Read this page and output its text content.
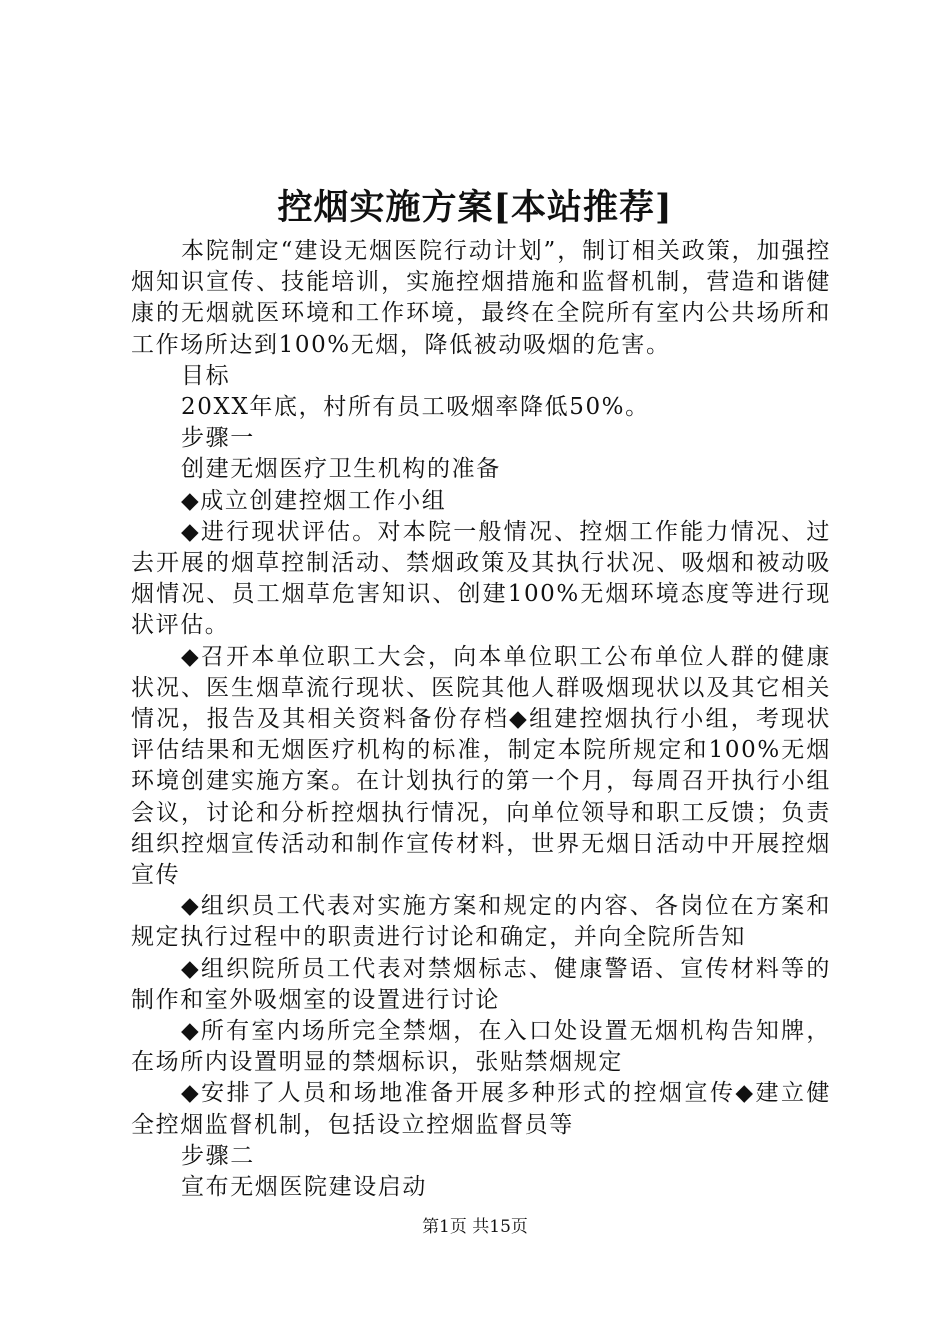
控烟实施方案[本站推荐]

本院制定“建设无烟医院行动计划”，制订相关政策，加强控烟知识宣传、技能培训，实施控烟措施和监督机制，营造和谐健康的无烟就医环境和工作环境，最终在全院所有室内公共场所和工作场所达到100%无烟，降低被动吸烟的危害。

目标

20XX年底，村所有员工吸烟率降低50%。

步骤一

创建无烟医疗卫生机构的准备

◆成立创建控烟工作小组

◆进行现状评估。对本院一般情况、控烟工作能力情况、过去开展的烟草控制活动、禁烟政策及其执行状况、吸烟和被动吸烟情况、员工烟草危害知识、创建100%无烟环境态度等进行现状评估。

◆召开本单位职工大会，向本单位职工公布单位人群的健康状况、医生烟草流行现状、医院其他人群吸烟现状以及其它相关情况，报告及其相关资料备份存档◆组建控烟执行小组，考现状评估结果和无烟医疗机构的标准，制定本院所规定和100%无烟环境创建实施方案。在计划执行的第一个月，每周召开执行小组会议，讨论和分析控烟执行情况，向单位领导和职工反馈；负责组织控烟宣传活动和制作宣传材料，世界无烟日活动中开展控烟宣传

◆组织员工代表对实施方案和规定的内容、各岗位在方案和规定执行过程中的职责进行讨论和确定，并向全院所告知

◆组织院所员工代表对禁烟标志、健康警语、宣传材料等的制作和室外吸烟室的设置进行讨论

◆所有室内场所完全禁烟，在入口处设置无烟机构告知牌，在场所内设置明显的禁烟标识，张贴禁烟规定

◆安排了人员和场地准备开展多种形式的控烟宣传◆建立健全控烟监督机制，包括设立控烟监督员等

步骤二

宣布无烟医院建设启动

第1页 共15页
